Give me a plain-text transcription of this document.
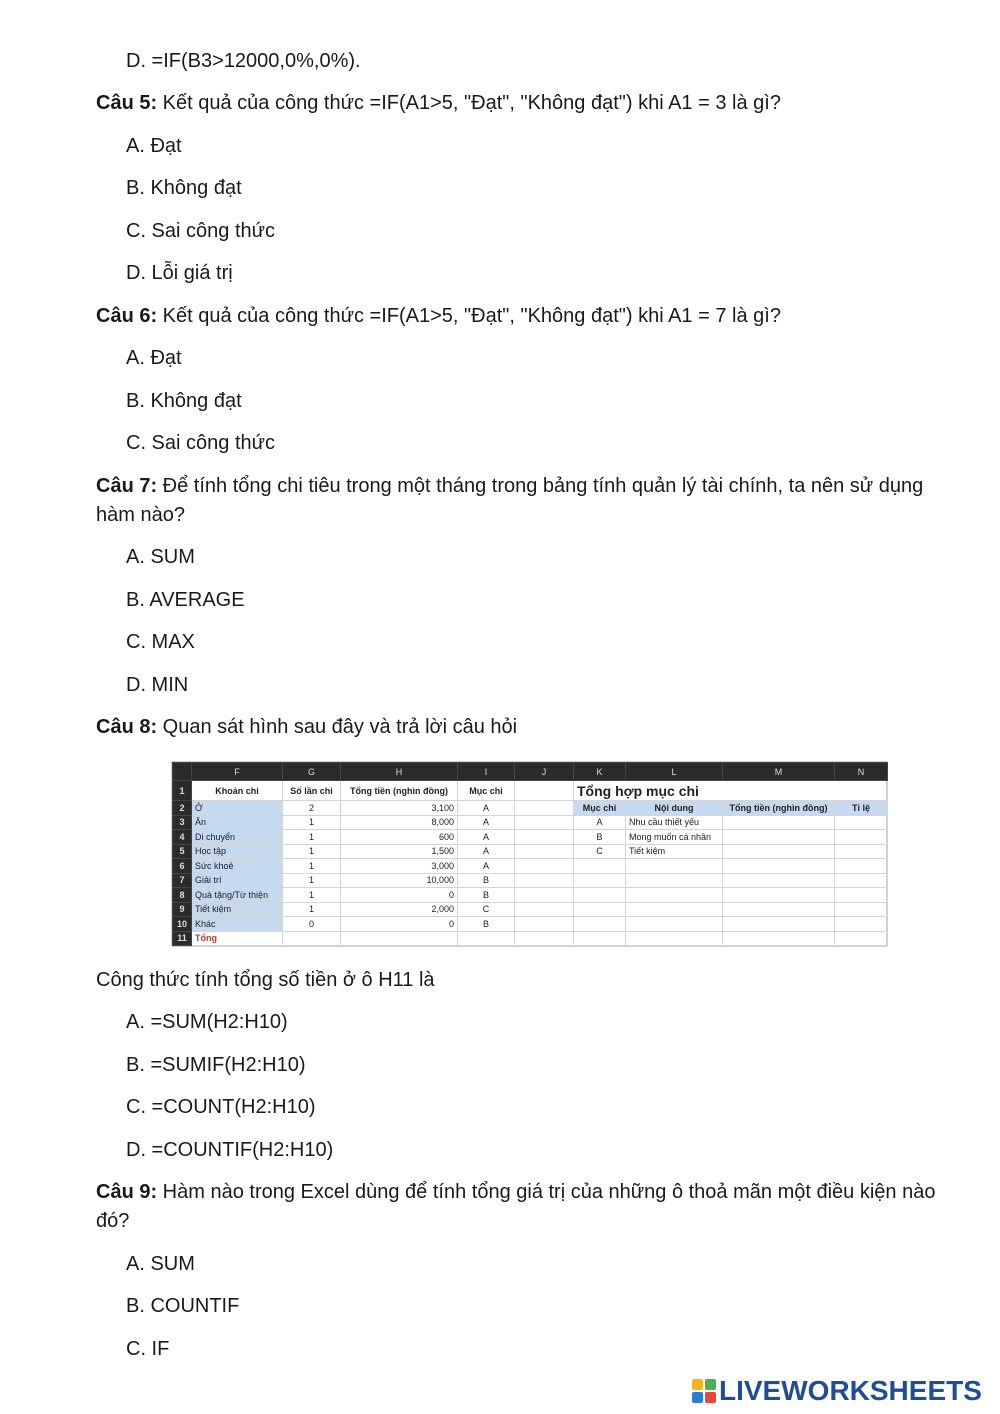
D. =IF(B3>12000,0%,0%).
Câu 5: Kết quả của công thức =IF(A1>5, "Đạt", "Không đạt") khi A1 = 3 là gì?
A. Đạt
B. Không đạt
C. Sai công thức
D. Lỗi giá trị
Câu 6: Kết quả của công thức =IF(A1>5, "Đạt", "Không đạt") khi A1 = 7 là gì?
A. Đạt
B. Không đạt
C. Sai công thức
Câu 7: Để tính tổng chi tiêu trong một tháng trong bảng tính quản lý tài chính, ta nên sử dụng hàm nào?
A. SUM
B. AVERAGE
C. MAX
D. MIN
Câu 8: Quan sát hình sau đây và trả lời câu hỏi
	F	G	H	I	J	K	L	M	N
1	Khoản chi	Số lần chi	Tổng tiền (nghìn đồng)	Mục chi		Tổng hợp mục chi			
2	Ở	2	3,100	A		Mục chi	Nội dung	Tổng tiền (nghìn đồng)	Tỉ lệ
3	Ăn	1	8,000	A		A	Nhu cầu thiết yếu		
4	Di chuyển	1	600	A		B	Mong muốn cá nhân		
5	Học tập	1	1,500	A		C	Tiết kiệm		
6	Sức khoẻ	1	3,000	A					
7	Giải trí	1	10,000	B					
8	Quà tặng/Từ thiện	1	0	B					
9	Tiết kiệm	1	2,000	C					
10	Khác	0	0	B					
11	Tổng								
Công thức tính tổng số tiền ở ô H11 là
A. =SUM(H2:H10)
B. =SUMIF(H2:H10)
C. =COUNT(H2:H10)
D. =COUNTIF(H2:H10)
Câu 9: Hàm nào trong Excel dùng để tính tổng giá trị của những ô thoả mãn một điều kiện nào đó?
A. SUM
B. COUNTIF
C. IF
LIVEWORKSHEETS
